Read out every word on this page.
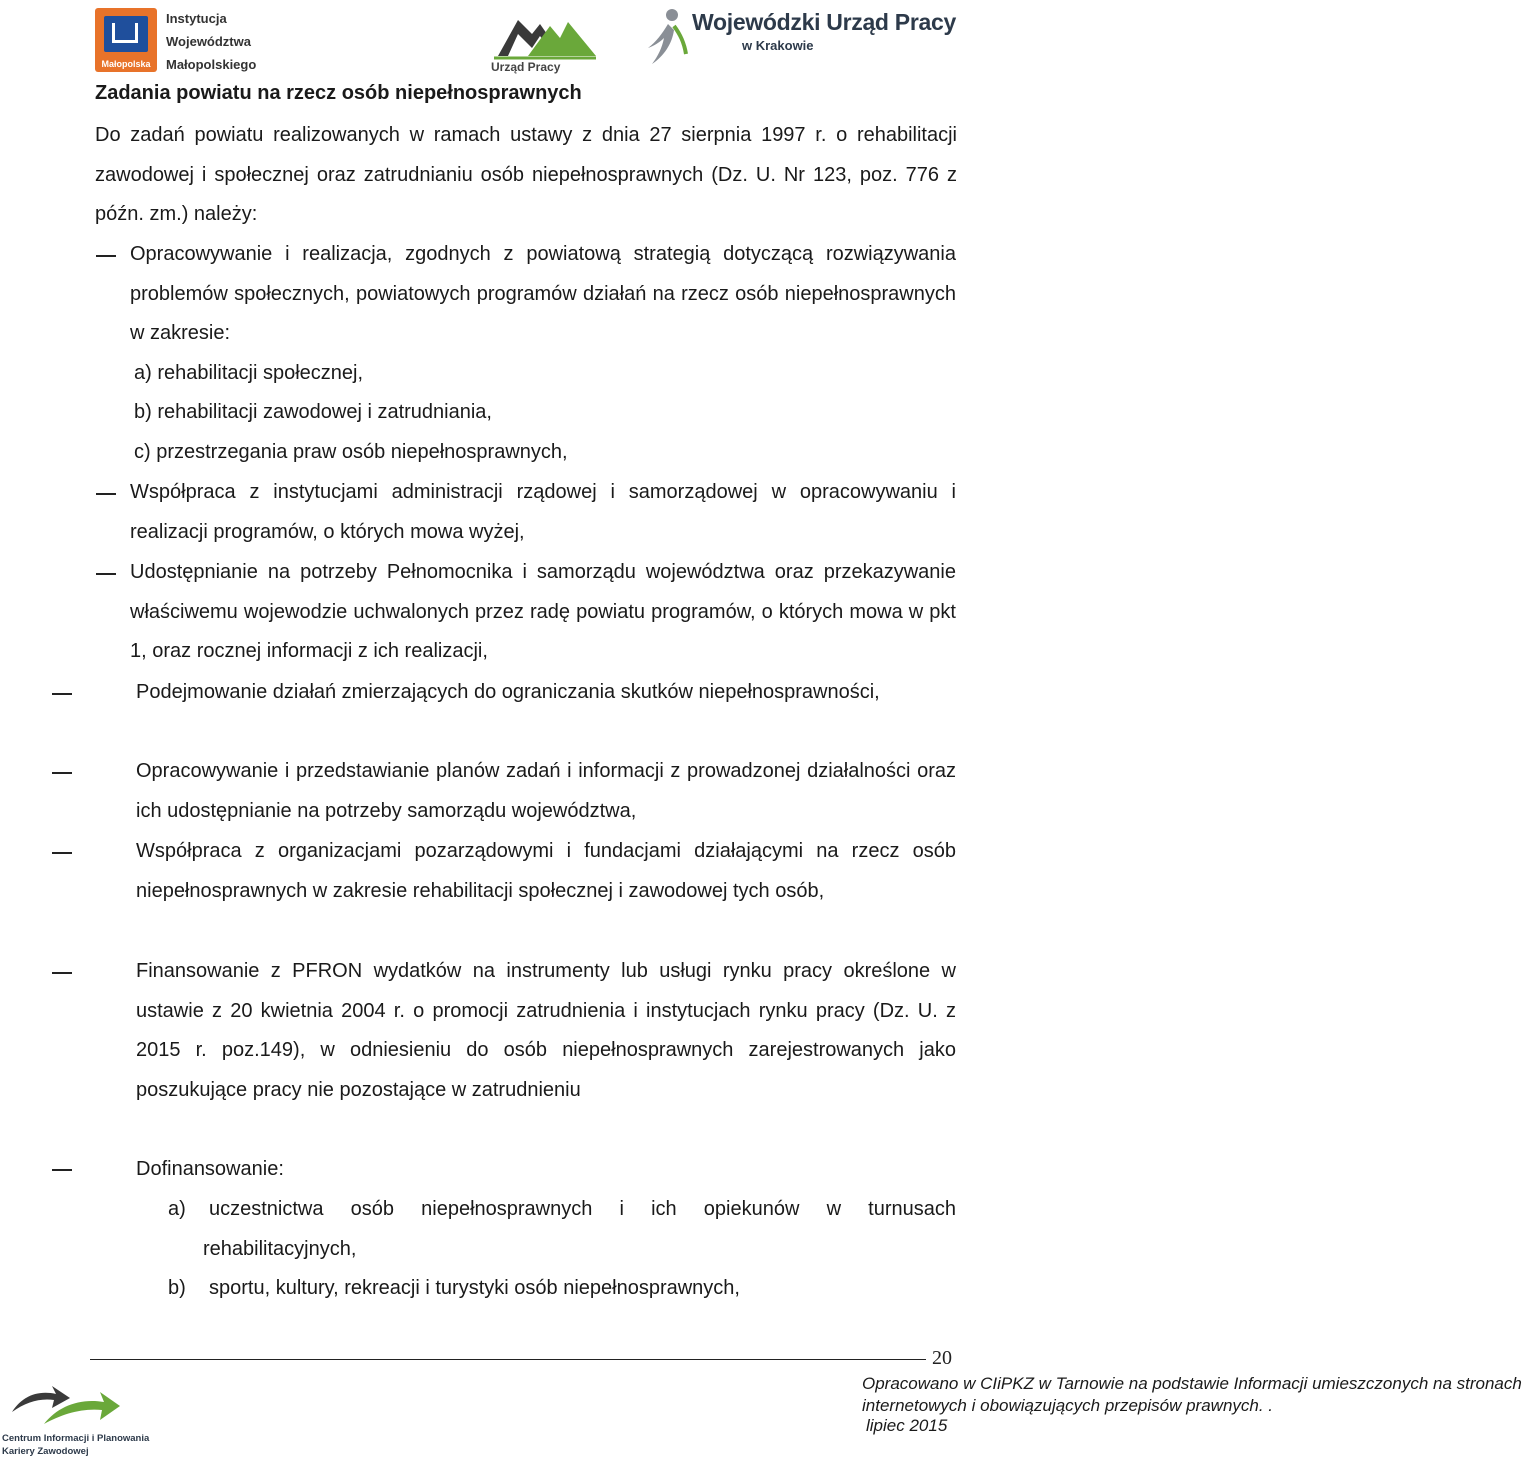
Małopolska
Instytucja
Województwa
Małopolskiego	Urząd Pracy
Wojewódzki Urząd Pracy
w Krakowie
Zadania powiatu na rzecz osób niepełnosprawnych

Do zadań powiatu realizowanych w ramach ustawy z dnia 27 sierpnia 1997 r. o rehabilitacji zawodowej i społecznej oraz zatrudnianiu osób niepełnosprawnych (Dz. U. Nr 123, poz. 776 z późn. zm.) należy:

Opracowywanie i realizacja, zgodnych z powiatową strategią dotyczącą rozwiązywania problemów społecznych, powiatowych programów działań na rzecz osób niepełnosprawnych w zakresie:

a) rehabilitacji społecznej,

b) rehabilitacji zawodowej i zatrudniania,

c) przestrzegania praw osób niepełnosprawnych,

Współpraca z instytucjami administracji rządowej i samorządowej w opracowywaniu i realizacji programów, o których mowa wyżej,

Udostępnianie na potrzeby Pełnomocnika i samorządu województwa oraz przekazywanie właściwemu wojewodzie uchwalonych przez radę powiatu programów, o których mowa w pkt 1, oraz rocznej informacji z ich realizacji,

Podejmowanie działań zmierzających do ograniczania skutków niepełnosprawności,

Opracowywanie i przedstawianie planów zadań i informacji z prowadzonej działalności oraz ich udostępnianie na potrzeby samorządu województwa,

Współpraca z organizacjami pozarządowymi i fundacjami działającymi na rzecz osób niepełnosprawnych w zakresie rehabilitacji społecznej i zawodowej tych osób,

Finansowanie z PFRON wydatków na instrumenty lub usługi rynku pracy określone w ustawie z 20 kwietnia 2004 r. o promocji zatrudnienia i instytucjach rynku pracy (Dz. U. z 2015 r. poz.149), w odniesieniu do osób niepełnosprawnych zarejestrowanych jako poszukujące pracy nie pozostające w zatrudnieniu

Dofinansowanie:

a)	uczestnictwa osób niepełnosprawnych i ich opiekunów w turnusach rehabilitacyjnych,

b) sportu, kultury, rekreacji i turystyki osób niepełnosprawnych,

20
Centrum Informacji i Planowania
Kariery Zawodowej
Opracowano w CIiPKZ w Tarnowie na podstawie Informacji umieszczonych na stronach
internetowych i obowiązujących przepisów prawnych. .
lipiec 2015
